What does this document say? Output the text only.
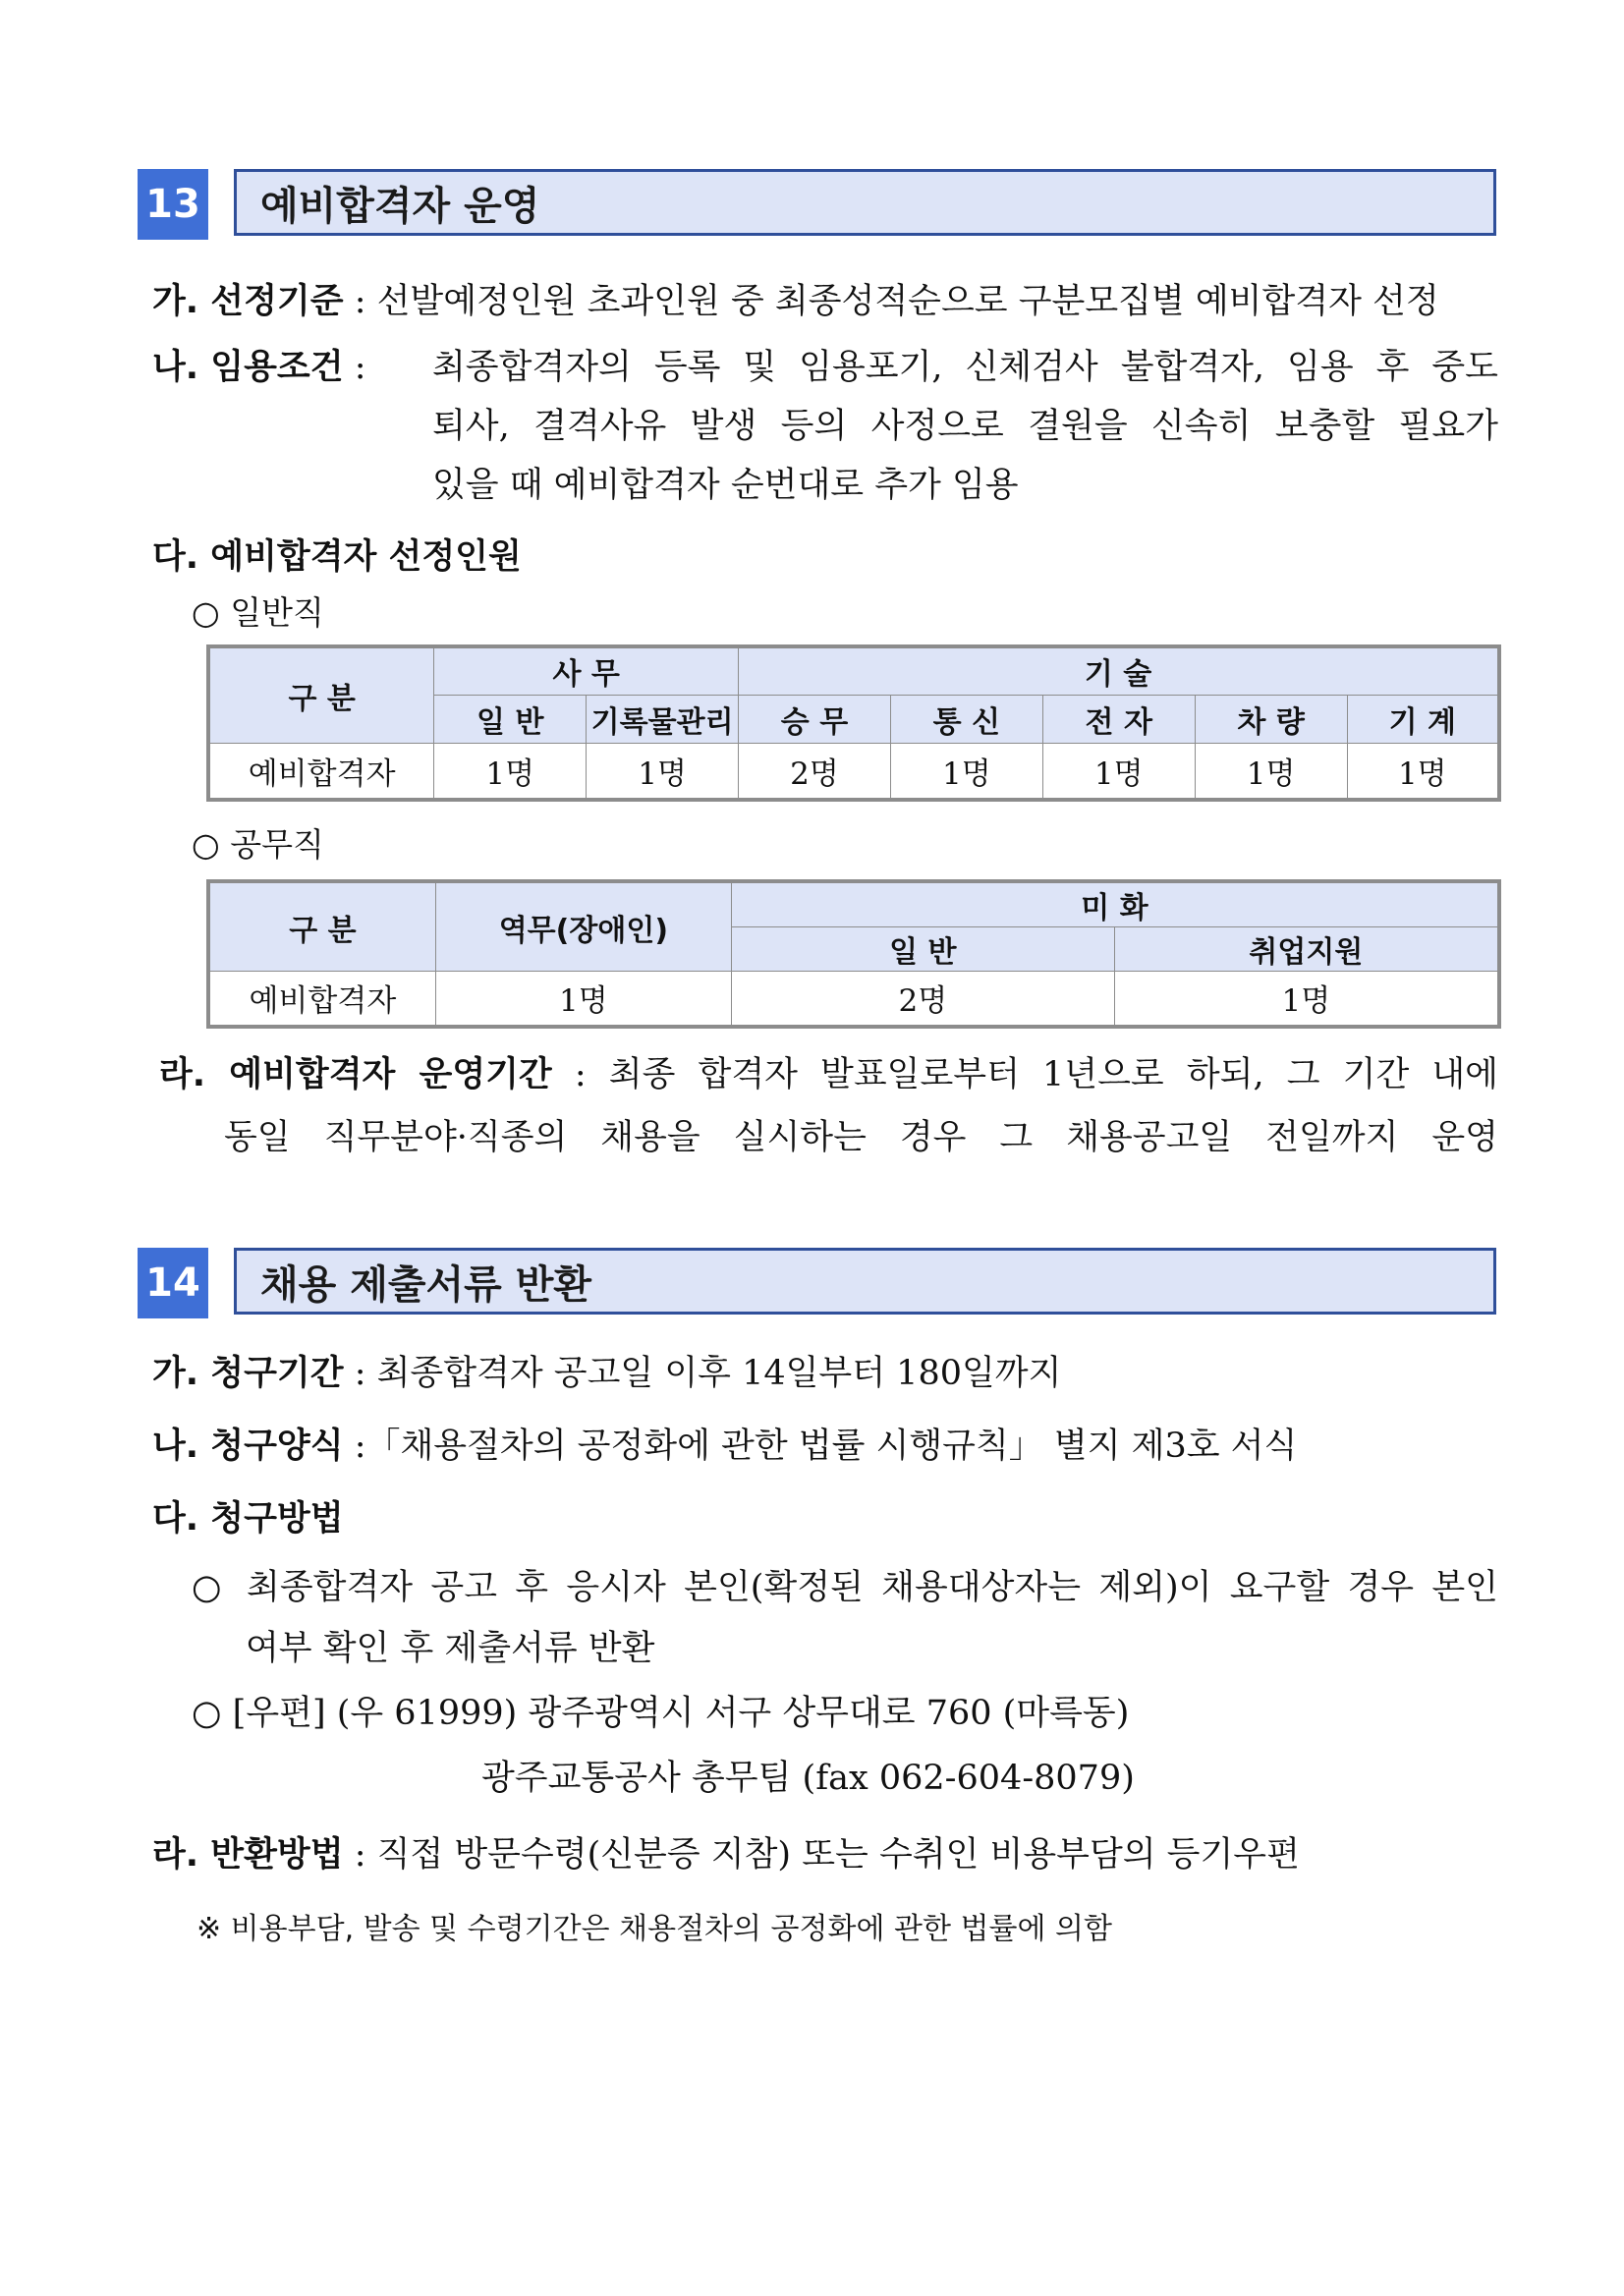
13	예비합격자 운영
가. 선정기준 : 선발예정인원 초과인원 중 최종성적순으로 구분모집별 예비합격자 선정
나. 임용조건 : 최종합격자의 등록 및 임용포기, 신체검사 불합격자, 임용 후 중도
퇴사, 결격사유 발생 등의 사정으로 결원을 신속히 보충할 필요가
있을 때 예비합격자 순번대로 추가 임용
다. 예비합격자 선정인원
○ 일반직
구 분	사 무		기 술				
	일 반	기록물관리	승 무	통 신	전 자	차 량	기 계
예비합격자	1명	1명	2명	1명	1명	1명	1명
○ 공무직
구 분	역무(장애인)	미 화	
		일 반	취업지원
예비합격자	1명	2명	1명
라. 예비합격자 운영기간 : 최종 합격자 발표일로부터 1년으로 하되, 그 기간 내에
동일 직무분야·직종의 채용을 실시하는 경우 그 채용공고일 전일까지 운영
14	채용 제출서류 반환
가. 청구기간 : 최종합격자 공고일 이후 14일부터 180일까지
나. 청구양식 :「채용절차의 공정화에 관한 법률 시행규칙」 별지 제3호 서식
다. 청구방법
○ 최종합격자 공고 후 응시자 본인(확정된 채용대상자는 제외)이 요구할 경우 본인
여부 확인 후 제출서류 반환
○ [우편] (우 61999) 광주광역시 서구 상무대로 760 (마륵동)
광주교통공사 총무팀 (fax 062-604-8079)
라. 반환방법 : 직접 방문수령(신분증 지참) 또는 수취인 비용부담의 등기우편
※ 비용부담, 발송 및 수령기간은 채용절차의 공정화에 관한 법률에 의함
